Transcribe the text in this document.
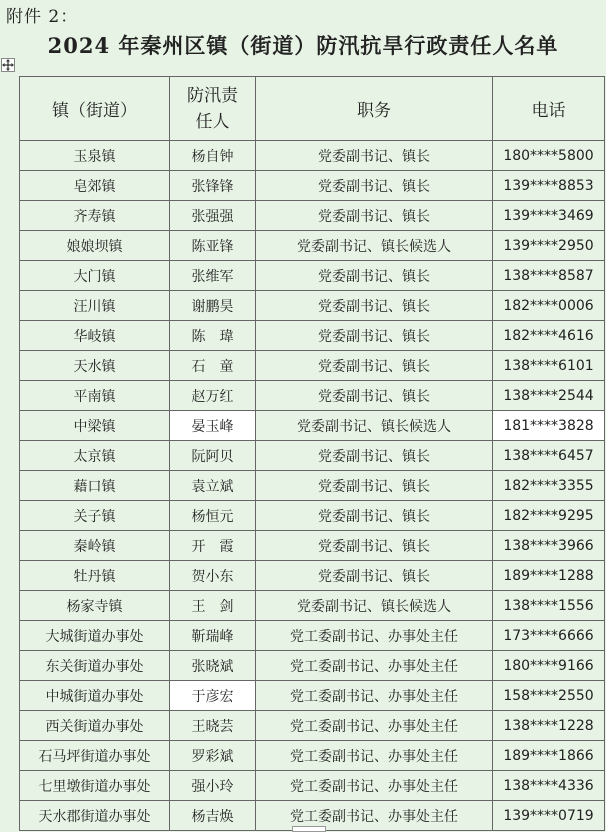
附件 2：
2024 年秦州区镇（街道）防汛抗旱行政责任人名单
镇（街道）	防汛责任人	职务	电话
玉泉镇	杨自钟	党委副书记、镇长	180****5800
皂郊镇	张锋锋	党委副书记、镇长	139****8853
齐寿镇	张强强	党委副书记、镇长	139****3469
娘娘坝镇	陈亚锋	党委副书记、镇长候选人	139****2950
大门镇	张维军	党委副书记、镇长	138****8587
汪川镇	谢鹏昊	党委副书记、镇长	182****0006
华岐镇	陈　瑋	党委副书记、镇长	182****4616
天水镇	石　童	党委副书记、镇长	138****6101
平南镇	赵万红	党委副书记、镇长	138****2544
中梁镇	晏玉峰	党委副书记、镇长候选人	181****3828
太京镇	阮阿贝	党委副书记、镇长	138****6457
藉口镇	袁立斌	党委副书记、镇长	182****3355
关子镇	杨恒元	党委副书记、镇长	182****9295
秦岭镇	开　霞	党委副书记、镇长	138****3966
牡丹镇	贺小东	党委副书记、镇长	189****1288
杨家寺镇	王　剑	党委副书记、镇长候选人	138****1556
大城街道办事处	靳瑞峰	党工委副书记、办事处主任	173****6666
东关街道办事处	张晓斌	党工委副书记、办事处主任	180****9166
中城街道办事处	于彦宏	党工委副书记、办事处主任	158****2550
西关街道办事处	王晓芸	党工委副书记、办事处主任	138****1228
石马坪街道办事处	罗彩斌	党工委副书记、办事处主任	189****1866
七里墩街道办事处	强小玲	党工委副书记、办事处主任	138****4336
天水郡街道办事处	杨吉焕	党工委副书记、办事处主任	139****0719
